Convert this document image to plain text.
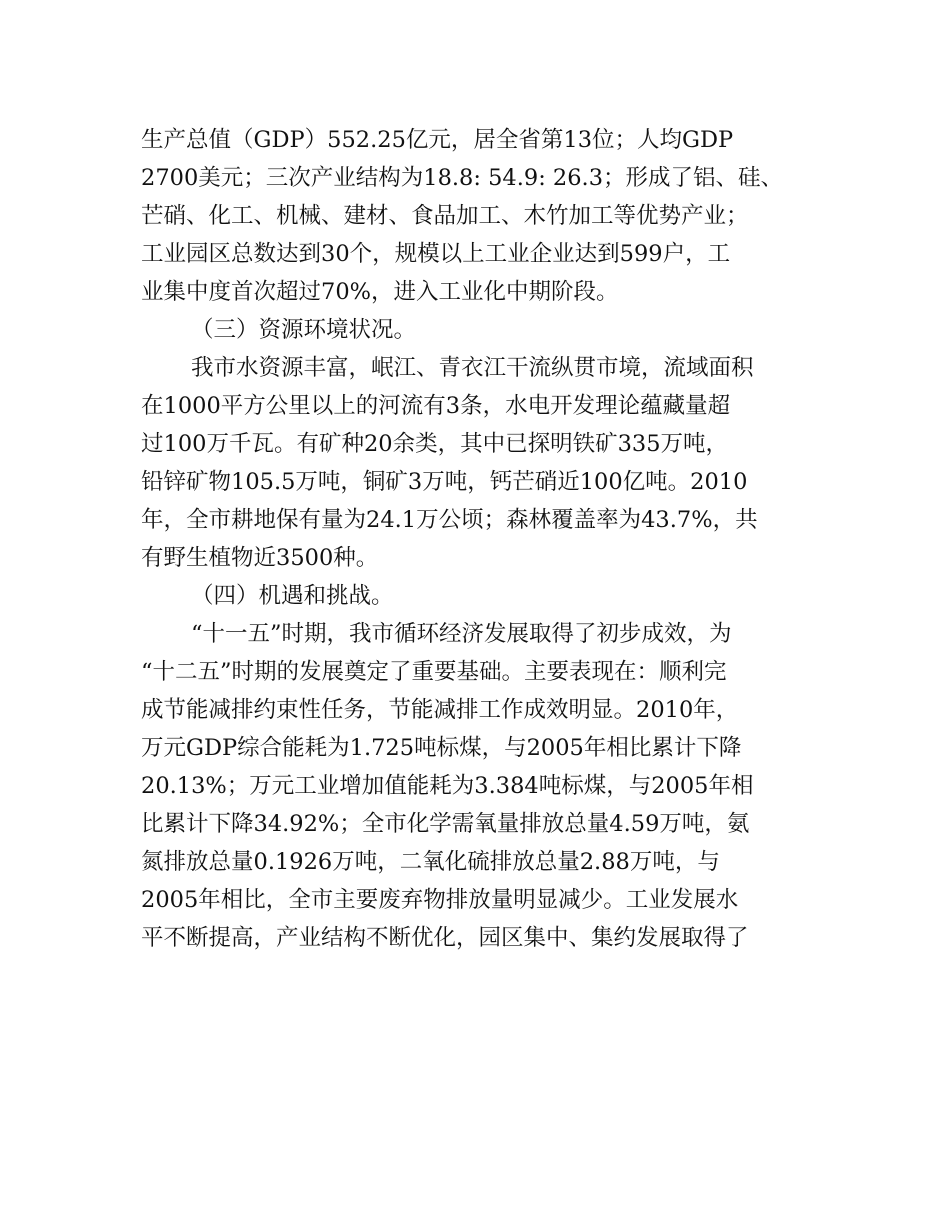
生产总值（GDP）552.25亿元，居全省第13位；人均GDP
2700美元；三次产业结构为18.8: 54.9: 26.3；形成了铝、硅、
芒硝、化工、机械、建材、食品加工、木竹加工等优势产业；
工业园区总数达到30个，规模以上工业企业达到599户，工
业集中度首次超过70%，进入工业化中期阶段。
（三）资源环境状况。
我市水资源丰富，岷江、青衣江干流纵贯市境，流域面积
在1000平方公里以上的河流有3条，水电开发理论蕴藏量超
过100万千瓦。有矿种20余类，其中已探明铁矿335万吨，
铅锌矿物105.5万吨，铜矿3万吨，钙芒硝近100亿吨。2010
年，全市耕地保有量为24.1万公顷；森林覆盖率为43.7%，共
有野生植物近3500种。
（四）机遇和挑战。
“十一五”时期，我市循环经济发展取得了初步成效，为
“十二五”时期的发展奠定了重要基础。主要表现在：顺利完
成节能减排约束性任务，节能减排工作成效明显。2010年，
万元GDP综合能耗为1.725吨标煤，与2005年相比累计下降
20.13%；万元工业增加值能耗为3.384吨标煤，与2005年相
比累计下降34.92%；全市化学需氧量排放总量4.59万吨，氨
氮排放总量0.1926万吨，二氧化硫排放总量2.88万吨，与
2005年相比，全市主要废弃物排放量明显减少。工业发展水
平不断提高，产业结构不断优化，园区集中、集约发展取得了
